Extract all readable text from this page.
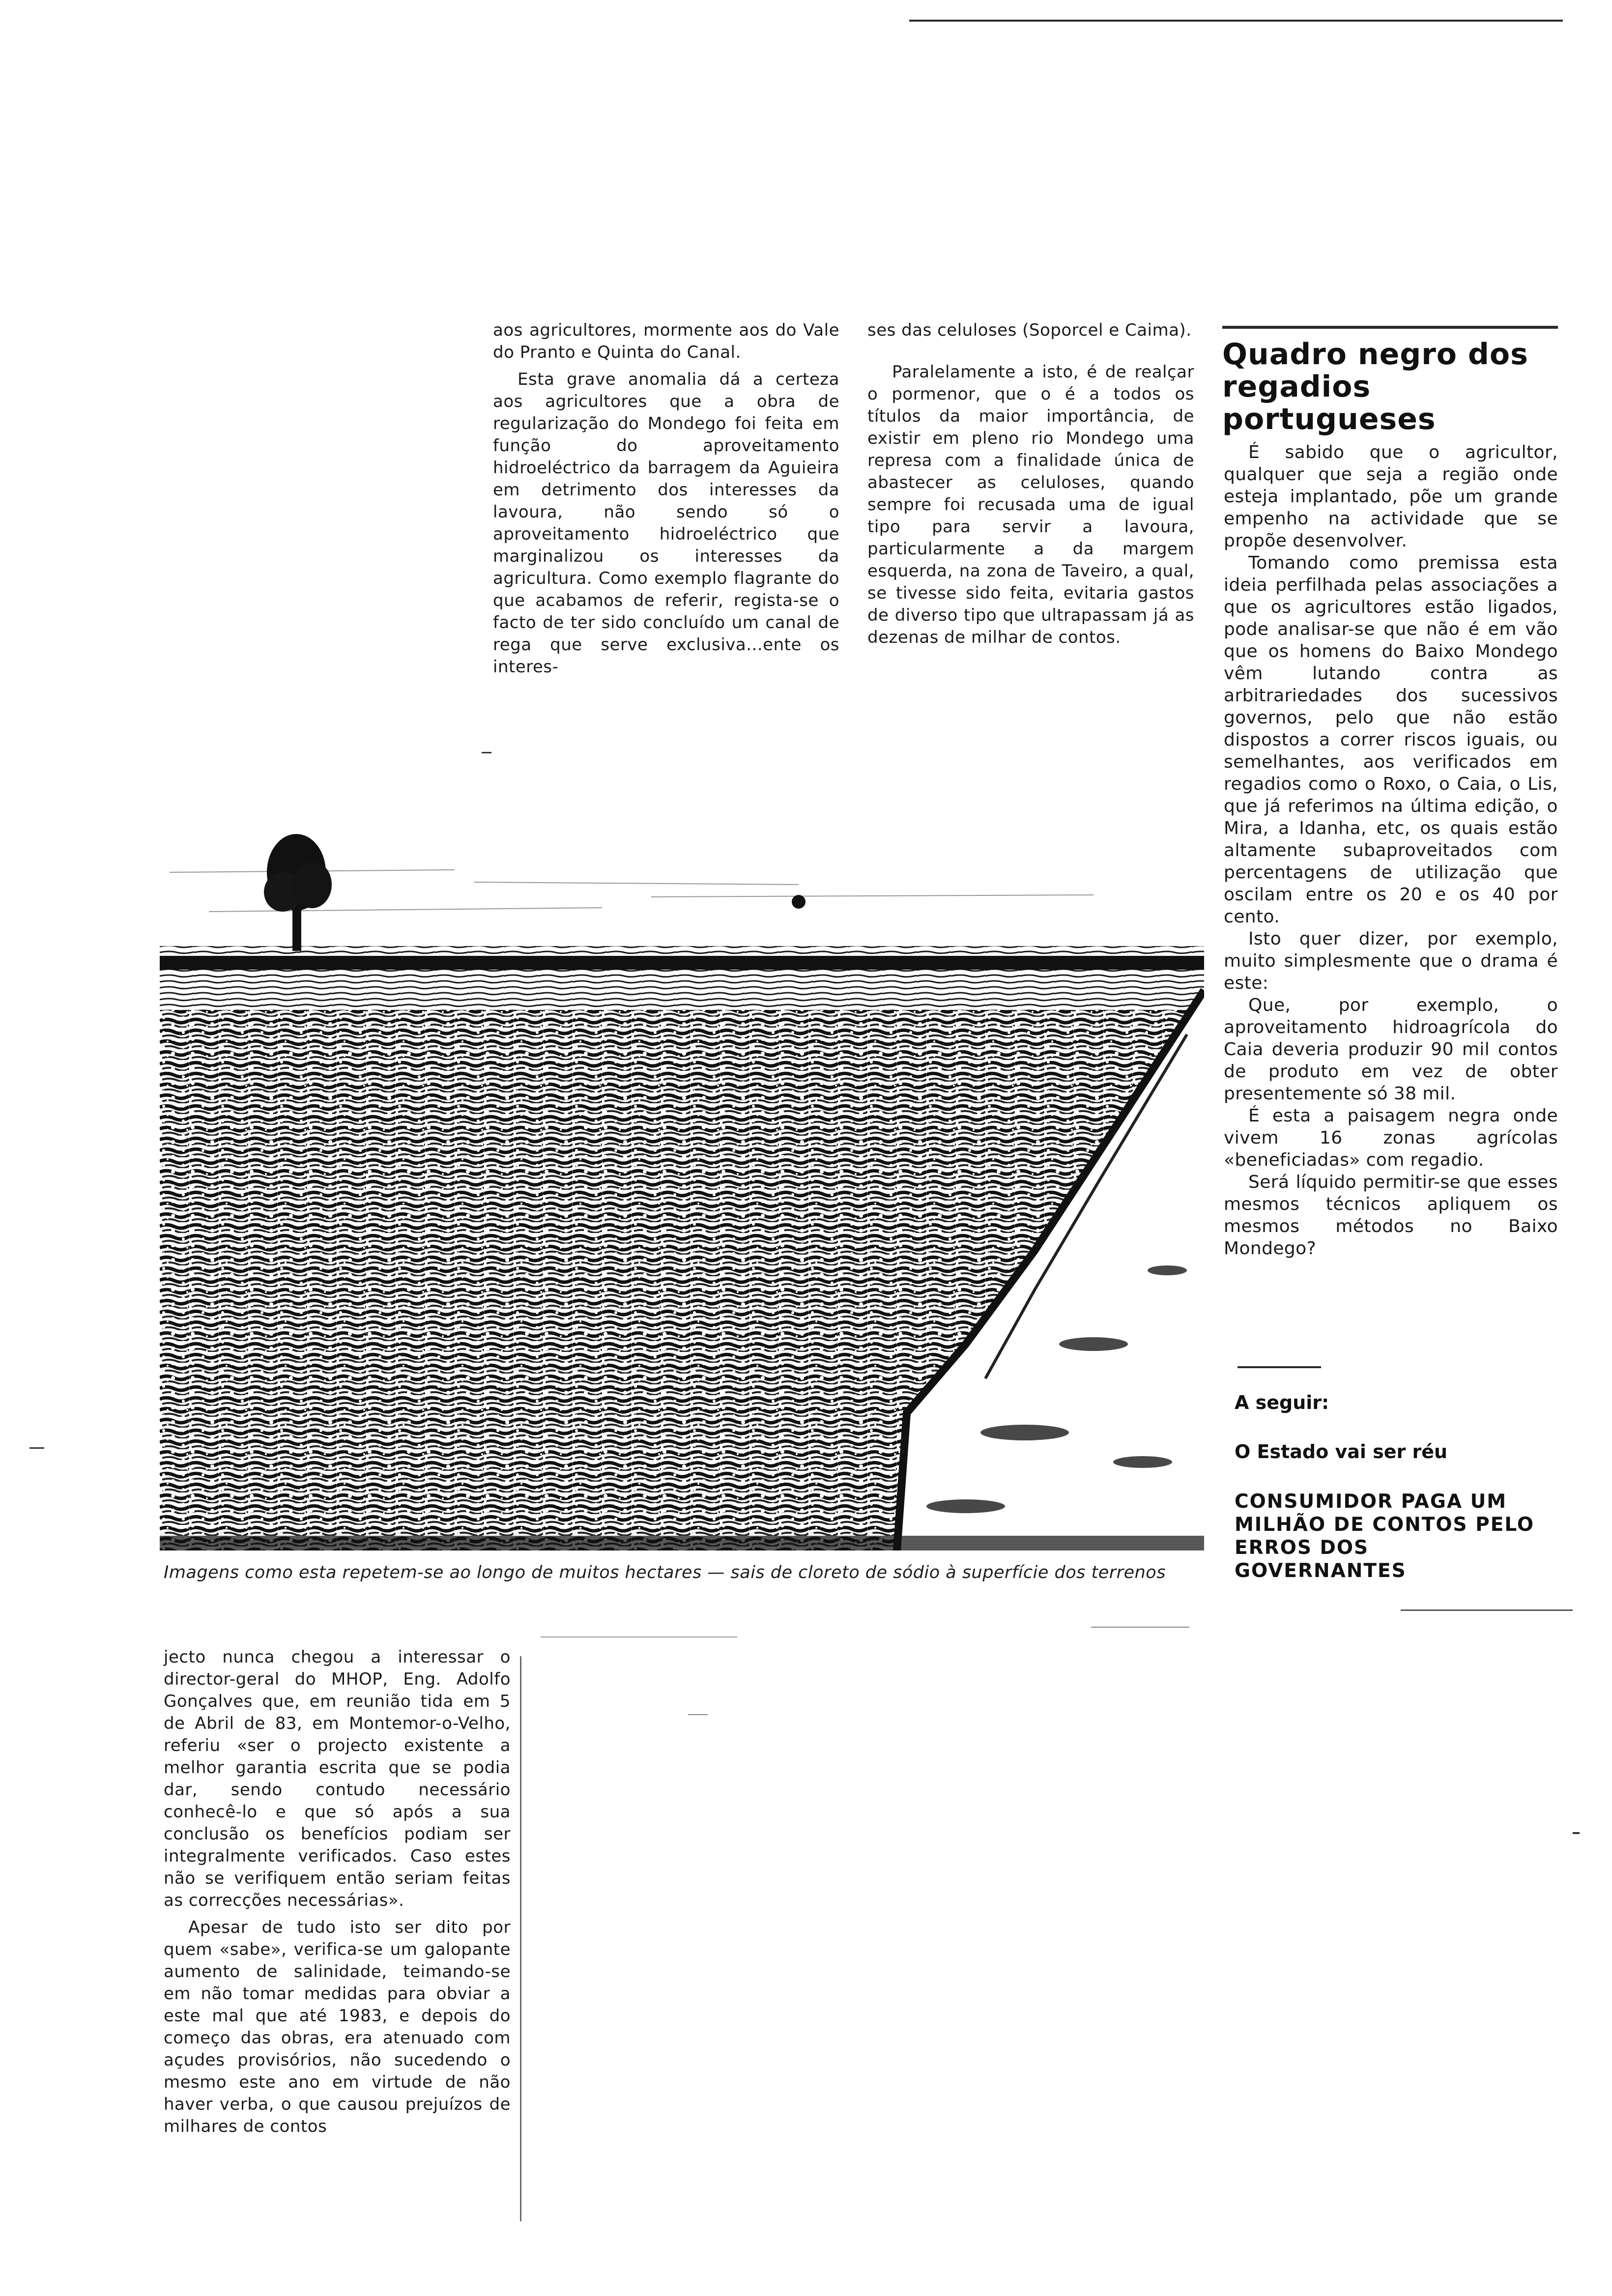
aos agricultores, mormente aos do Vale do Pranto e Quinta do Canal.

Esta grave anomalia dá a certeza aos agricultores que a obra de regularização do Mondego foi feita em função do aproveitamento hidroeléctrico da barragem da Aguieira em detrimento dos interesses da lavoura, não sendo só o aproveitamento hidroeléctrico que marginalizou os interesses da agricultura. Como exemplo flagrante do que acabamos de referir, regista-se o facto de ter sido concluído um canal de rega que serve exclusiva...ente os interes-

ses das celuloses (Soporcel e Caima).

Paralelamente a isto, é de realçar o pormenor, que o é a todos os títulos da maior importância, de existir em pleno rio Mondego uma represa com a finalidade única de abastecer as celuloses, quando sempre foi recusada uma de igual tipo para servir a lavoura, particularmente a da margem esquerda, na zona de Taveiro, a qual, se tivesse sido feita, evitaria gastos de diverso tipo que ultrapassam já as dezenas de milhar de contos.

Quadro negro dos regadios portugueses

É sabido que o agricultor, qualquer que seja a região onde esteja implantado, põe um grande empenho na actividade que se propõe desenvolver.

Tomando como premissa esta ideia perfilhada pelas associações a que os agricultores estão ligados, pode analisar-se que não é em vão que os homens do Baixo Mondego vêm lutando contra as arbitrariedades dos sucessivos governos, pelo que não estão dispostos a correr riscos iguais, ou semelhantes, aos verificados em regadios como o Roxo, o Caia, o Lis, que já referimos na última edição, o Mira, a Idanha, etc, os quais estão altamente subaproveitados com percentagens de utilização que oscilam entre os 20 e os 40 por cento.

Isto quer dizer, por exemplo, muito simplesmente que o drama é este:

Que, por exemplo, o aproveitamento hidroagrícola do Caia deveria produzir 90 mil contos de produto em vez de obter presentemente só 38 mil.

É esta a paisagem negra onde vivem 16 zonas agrícolas «beneficiadas» com regadio.

Será líquido permitir-se que esses mesmos técnicos apliquem os mesmos métodos no Baixo Mondego?

A seguir:
O Estado vai ser réu
CONSUMIDOR PAGA UM MILHÃO DE CONTOS PELO ERROS DOS GOVERNANTES
Imagens como esta repetem-se ao longo de muitos hectares — sais de cloreto de sódio à superfície dos terrenos

jecto nunca chegou a interessar o director-geral do MHOP, Eng. Adolfo Gonçalves que, em reunião tida em 5 de Abril de 83, em Montemor-o-Velho, referiu «ser o projecto existente a melhor garantia escrita que se podia dar, sendo contudo necessário conhecê-lo e que só após a sua conclusão os benefícios podiam ser integralmente verificados. Caso estes não se verifiquem então seriam feitas as correcções necessárias».

Apesar de tudo isto ser dito por quem «sabe», verifica-se um galopante aumento de salinidade, teimando-se em não tomar medidas para obviar a este mal que até 1983, e depois do começo das obras, era atenuado com açudes provisórios, não sucedendo o mesmo este ano em virtude de não haver verba, o que causou prejuízos de milhares de contos
